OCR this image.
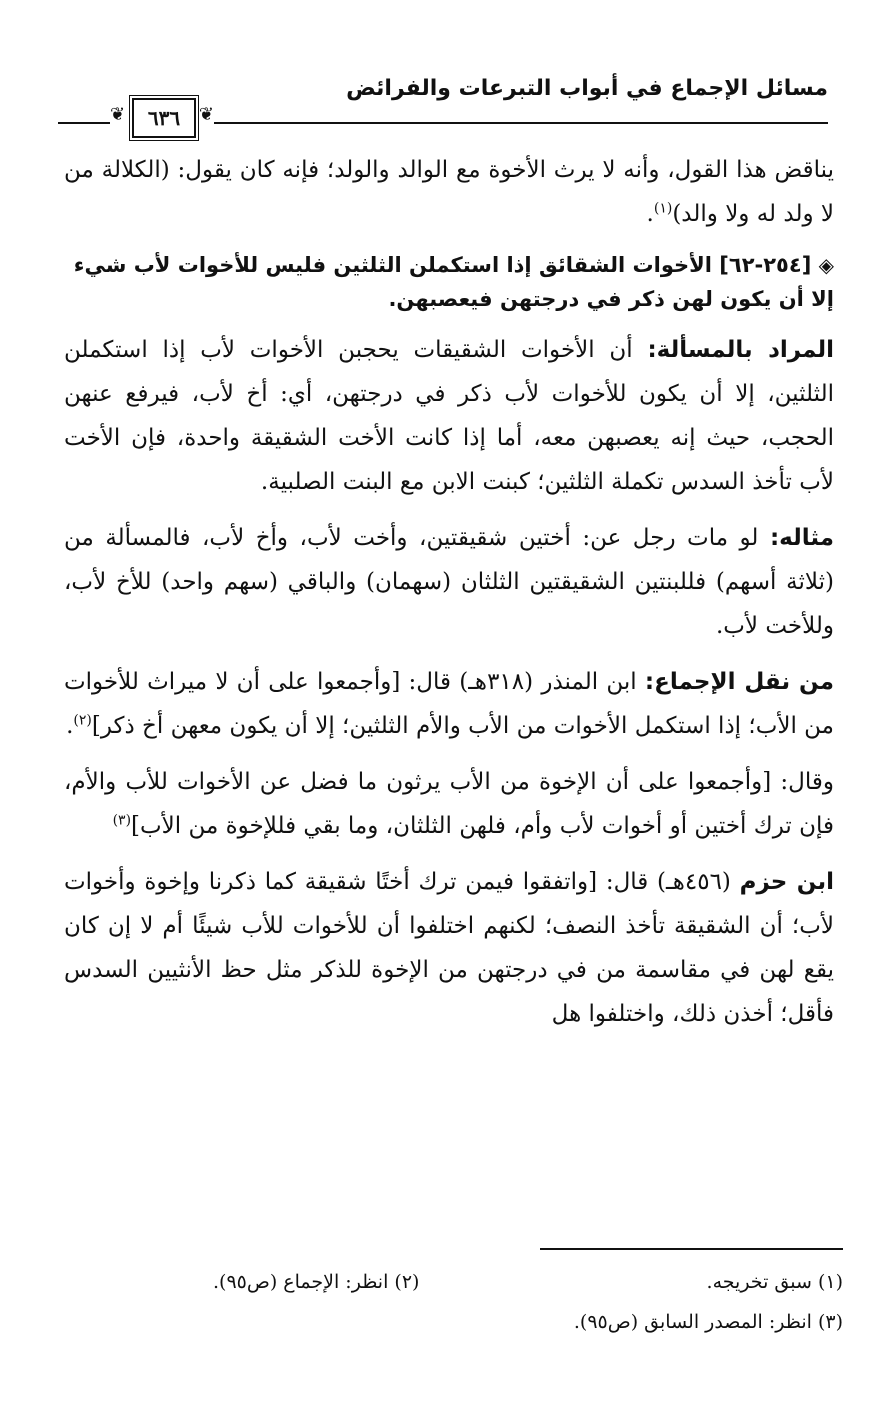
مسائل الإجماع في أبواب التبرعات والفرائض
❦	٦٣٦	❦

يناقض هذا القول، وأنه لا يرث الأخوة مع الوالد والولد؛ فإنه كان يقول: (الكلالة من لا ولد له ولا والد)$^{(١)}$.

◈ [٢٥٤-٦٢] الأخوات الشقائق إذا استكملن الثلثين فليس للأخوات لأب شيء إلا أن يكون لهن ذكر في درجتهن فيعصبهن.

المراد بالمسألة: أن الأخوات الشقيقات يحجبن الأخوات لأب إذا استكملن الثلثين، إلا أن يكون للأخوات لأب ذكر في درجتهن، أي: أخ لأب، فيرفع عنهن الحجب، حيث إنه يعصبهن معه، أما إذا كانت الأخت الشقيقة واحدة، فإن الأخت لأب تأخذ السدس تكملة الثلثين؛ كبنت الابن مع البنت الصلبية.

مثاله: لو مات رجل عن: أختين شقيقتين، وأخت لأب، وأخ لأب، فالمسألة من (ثلاثة أسهم) فللبنتين الشقيقتين الثلثان (سهمان) والباقي (سهم واحد) للأخ لأب، وللأخت لأب.

من نقل الإجماع: ابن المنذر (٣١٨هـ) قال: [وأجمعوا على أن لا ميراث للأخوات من الأب؛ إذا استكمل الأخوات من الأب والأم الثلثين؛ إلا أن يكون معهن أخ ذكر]$^{(٢)}$.

وقال: [وأجمعوا على أن الإخوة من الأب يرثون ما فضل عن الأخوات للأب والأم، فإن ترك أختين أو أخوات لأب وأم، فلهن الثلثان، وما بقي فللإخوة من الأب]$^{(٣)}$

ابن حزم (٤٥٦هـ) قال: [واتفقوا فيمن ترك أختًا شقيقة كما ذكرنا وإخوة وأخوات لأب؛ أن الشقيقة تأخذ النصف؛ لكنهم اختلفوا أن للأخوات للأب شيئًا أم لا إن كان يقع لهن في مقاسمة من في درجتهن من الإخوة للذكر مثل حظ الأنثيين السدس فأقل؛ أخذن ذلك، واختلفوا هل

(١) سبق تخريجه.
(٢) انظر: الإجماع (ص٩٥).
(٣) انظر: المصدر السابق (ص٩٥).
